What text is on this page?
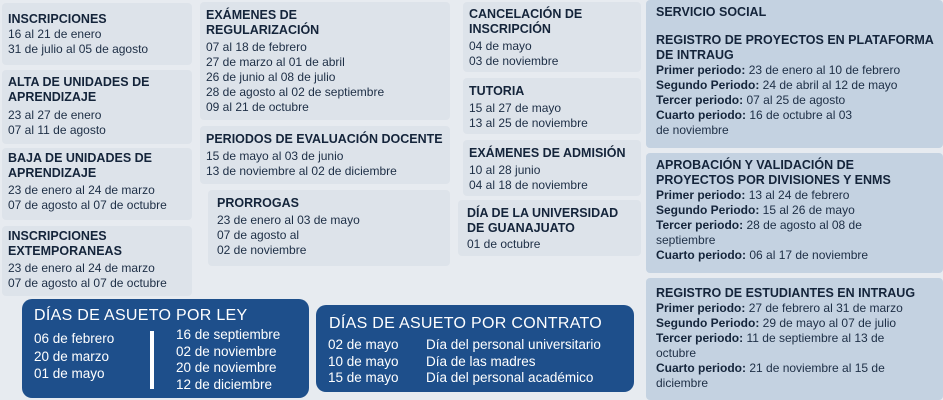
INSCRIPCIONES
16 al 21 de enero
31 de julio al 05 de agosto
ALTA DE UNIDADES DE APRENDIZAJE
23 al 27 de enero
07 al 11 de agosto
BAJA DE UNIDADES DE APRENDIZAJE
23 de enero al 24 de marzo
07 de agosto al 07 de octubre
INSCRIPCIONES EXTEMPORANEAS
23 de enero al 24 de marzo
07 de agosto al 07 de octubre
EXÁMENES DE REGULARIZACIÓN
07 al 18 de febrero
27 de marzo al 01 de abril
26 de junio al 08 de julio
28 de agosto al 02 de septiembre
09 al 21 de octubre
PERIODOS DE EVALUACIÓN DOCENTE
15 de mayo al 03 de junio
13 de noviembre al 02 de diciembre
PRORROGAS
23 de enero al 03 de mayo
07 de agosto al
02 de noviembre
CANCELACIÓN DE INSCRIPCIÓN
04 de mayo
03 de noviembre
TUTORIA
15 al 27 de mayo
13 al 25 de noviembre
EXÁMENES DE ADMISIÓN
10 al 28 junio
04 al 18 de noviembre
DÍA DE LA UNIVERSIDAD DE GUANAJUATO
01 de octubre
SERVICIO SOCIAL
REGISTRO DE PROYECTOS EN PLATAFORMA DE INTRAUG
Primer periodo: 23 de enero al 10 de febrero
Segundo Periodo: 24 de abril al 12 de mayo
Tercer periodo: 07 al 25 de agosto
Cuarto periodo: 16 de octubre al 03 de noviembre
APROBACIÓN Y VALIDACIÓN DE PROYECTOS POR DIVISIONES Y ENMS
Primer periodo: 13 al 24 de febrero
Segundo Periodo: 15 al 26 de mayo
Tercer periodo: 28 de agosto al 08 de septiembre
Cuarto periodo: 06 al 17 de noviembre
REGISTRO DE ESTUDIANTES EN INTRAUG
Primer periodo: 27 de febrero al 31 de marzo
Segundo Periodo: 29 de mayo al 07 de julio
Tercer periodo: 11 de septiembre al 13 de octubre
Cuarto periodo: 21 de noviembre al 15 de diciembre
DÍAS DE ASUETO POR LEY
06 de febrero
20 de marzo
01 de mayo
16 de septiembre
02 de noviembre
20 de noviembre
12 de diciembre
DÍAS DE ASUETO POR CONTRATO
02 de mayo
10 de mayo
15 de mayo
Día del personal universitario
Día de las madres
Día del personal académico
